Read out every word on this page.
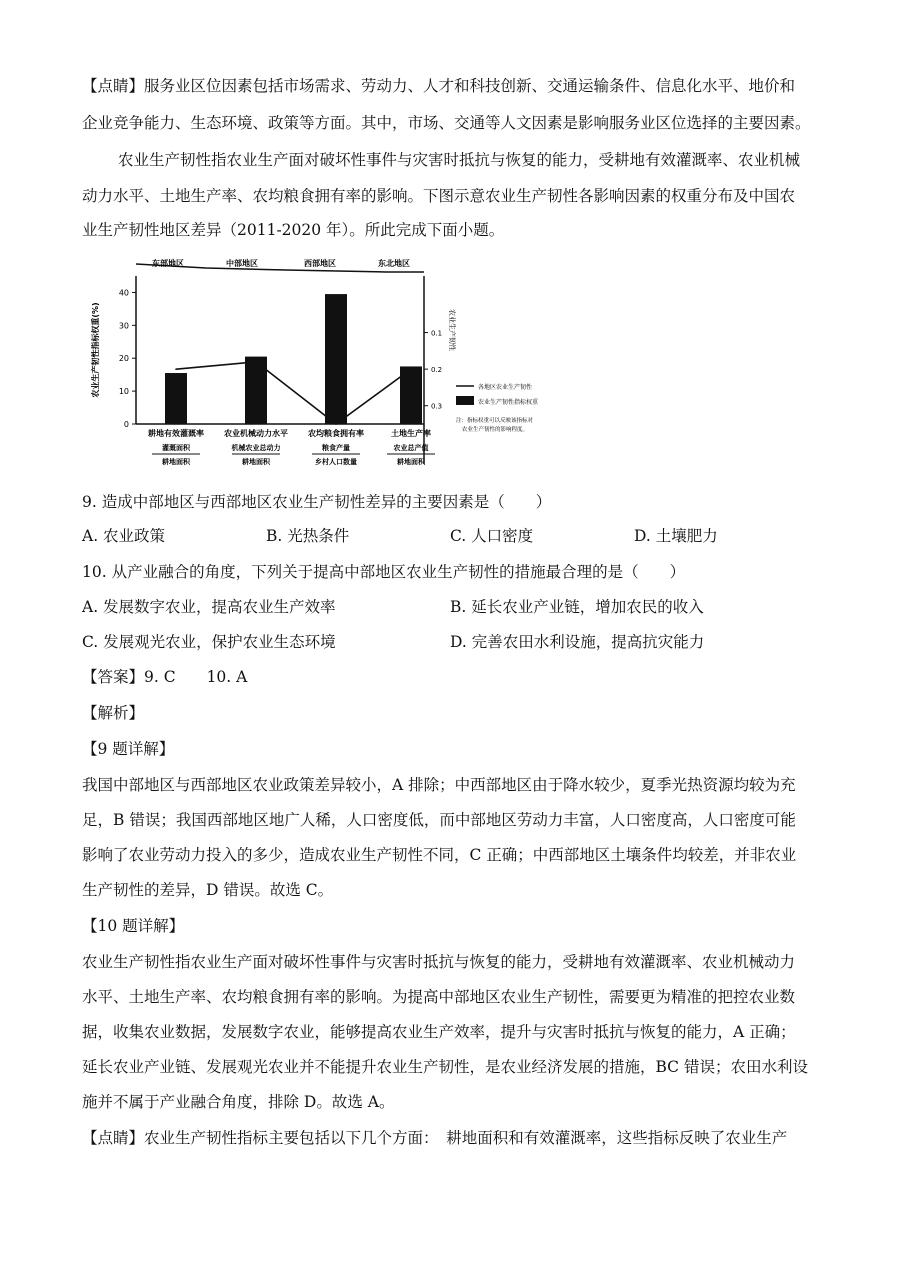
【点睛】服务业区位因素包括市场需求、劳动力、人才和科技创新、交通运输条件、信息化水平、地价和
企业竞争能力、生态环境、政策等方面。其中，市场、交通等人文因素是影响服务业区位选择的主要因素。
农业生产韧性指农业生产面对破坏性事件与灾害时抵抗与恢复的能力，受耕地有效灌溉率、农业机械
动力水平、土地生产率、农均粮食拥有率的影响。下图示意农业生产韧性各影响因素的权重分布及中国农
业生产韧性地区差异（2011-2020 年）。所此完成下面小题。
东部地区	中部地区	西部地区	东北地区
0
10
20
30
40
0.1
0.2
0.3
农业生产韧性指标权重(%)	农业生产韧性
耕地有效灌溉率
灌溉面积
耕地面积
农业机械动力水平
机械农业总动力
耕地面积
农均粮食拥有率
粮食产量
乡村人口数量
土地生产率
农业总产值
耕地面积
各地区农业生产韧性
农业生产韧性指标权重
注：指标权重可以反映该指标对
农业生产韧性的影响程度。
9. 造成中部地区与西部地区农业生产韧性差异的主要因素是（　　）
A. 农业政策	B. 光热条件	C. 人口密度	D. 土壤肥力
10. 从产业融合的角度，下列关于提高中部地区农业生产韧性的措施最合理的是（　　）
A. 发展数字农业，提高农业生产效率	B. 延长农业产业链，增加农民的收入
C. 发展观光农业，保护农业生态环境	D. 完善农田水利设施，提高抗灾能力
【答案】9. C　　10. A
【解析】
【9 题详解】
我国中部地区与西部地区农业政策差异较小，A 排除；中西部地区由于降水较少，夏季光热资源均较为充
足，B 错误；我国西部地区地广人稀，人口密度低，而中部地区劳动力丰富，人口密度高，人口密度可能
影响了农业劳动力投入的多少，造成农业生产韧性不同，C 正确；中西部地区土壤条件均较差，并非农业
生产韧性的差异，D 错误。故选 C。
【10 题详解】
农业生产韧性指农业生产面对破坏性事件与灾害时抵抗与恢复的能力，受耕地有效灌溉率、农业机械动力
水平、土地生产率、农均粮食拥有率的影响。为提高中部地区农业生产韧性，需要更为精准的把控农业数
据，收集农业数据，发展数字农业，能够提高农业生产效率，提升与灾害时抵抗与恢复的能力，A 正确；
延长农业产业链、发展观光农业并不能提升农业生产韧性，是农业经济发展的措施，BC 错误；农田水利设
施并不属于产业融合角度，排除 D。故选 A。
【点睛】农业生产韧性指标主要包括以下几个方面：　耕地面积和有效灌溉率，这些指标反映了农业生产
